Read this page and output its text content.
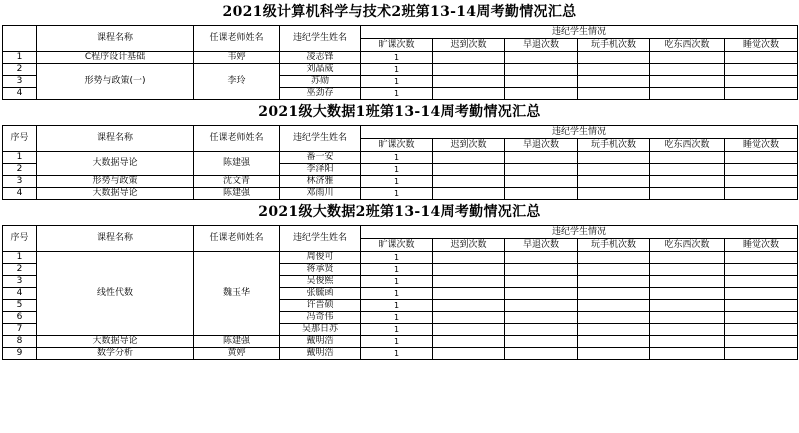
2021级计算机科学与技术2班第13-14周考勤情况汇总
	课程名称	任课老师姓名	违纪学生姓名	违纪学生情况					
				旷课次数	迟到次数	早退次数	玩手机次数	吃东西次数	睡觉次数
1	C程序设计基础	韦婷	凌志锋	1					
2	形势与政策(一)	李玲	刘晶威	1					
3			苏勋	1					
4			巫劲存	1					
2021级大数据1班第13-14周考勤情况汇总
序号	课程名称	任课老师姓名	违纪学生姓名	违纪学生情况					
				旷课次数	迟到次数	早退次数	玩手机次数	吃东西次数	睡觉次数
1	大数据导论	陈建强	番一安	1					
2			李泽阳	1					
3	形势与政策	沈文青	林济雅	1					
4	大数据导论	陈建强	邓雨川	1					
2021级大数据2班第13-14周考勤情况汇总
序号	课程名称	任课老师姓名	违纪学生姓名	违纪学生情况					
				旷课次数	迟到次数	早退次数	玩手机次数	吃东西次数	睡觉次数
1	线性代数	魏玉华	周俊可	1					
2			蒋承贤	1					
3			吴俊熙	1					
4			张毓函	1					
5			许晋硕	1					
6			冯奇伟	1					
7			吴那日苏	1					
8	大数据导论	陈建强	戴明浩	1					
9	数学分析	黄婷	戴明浩	1					
